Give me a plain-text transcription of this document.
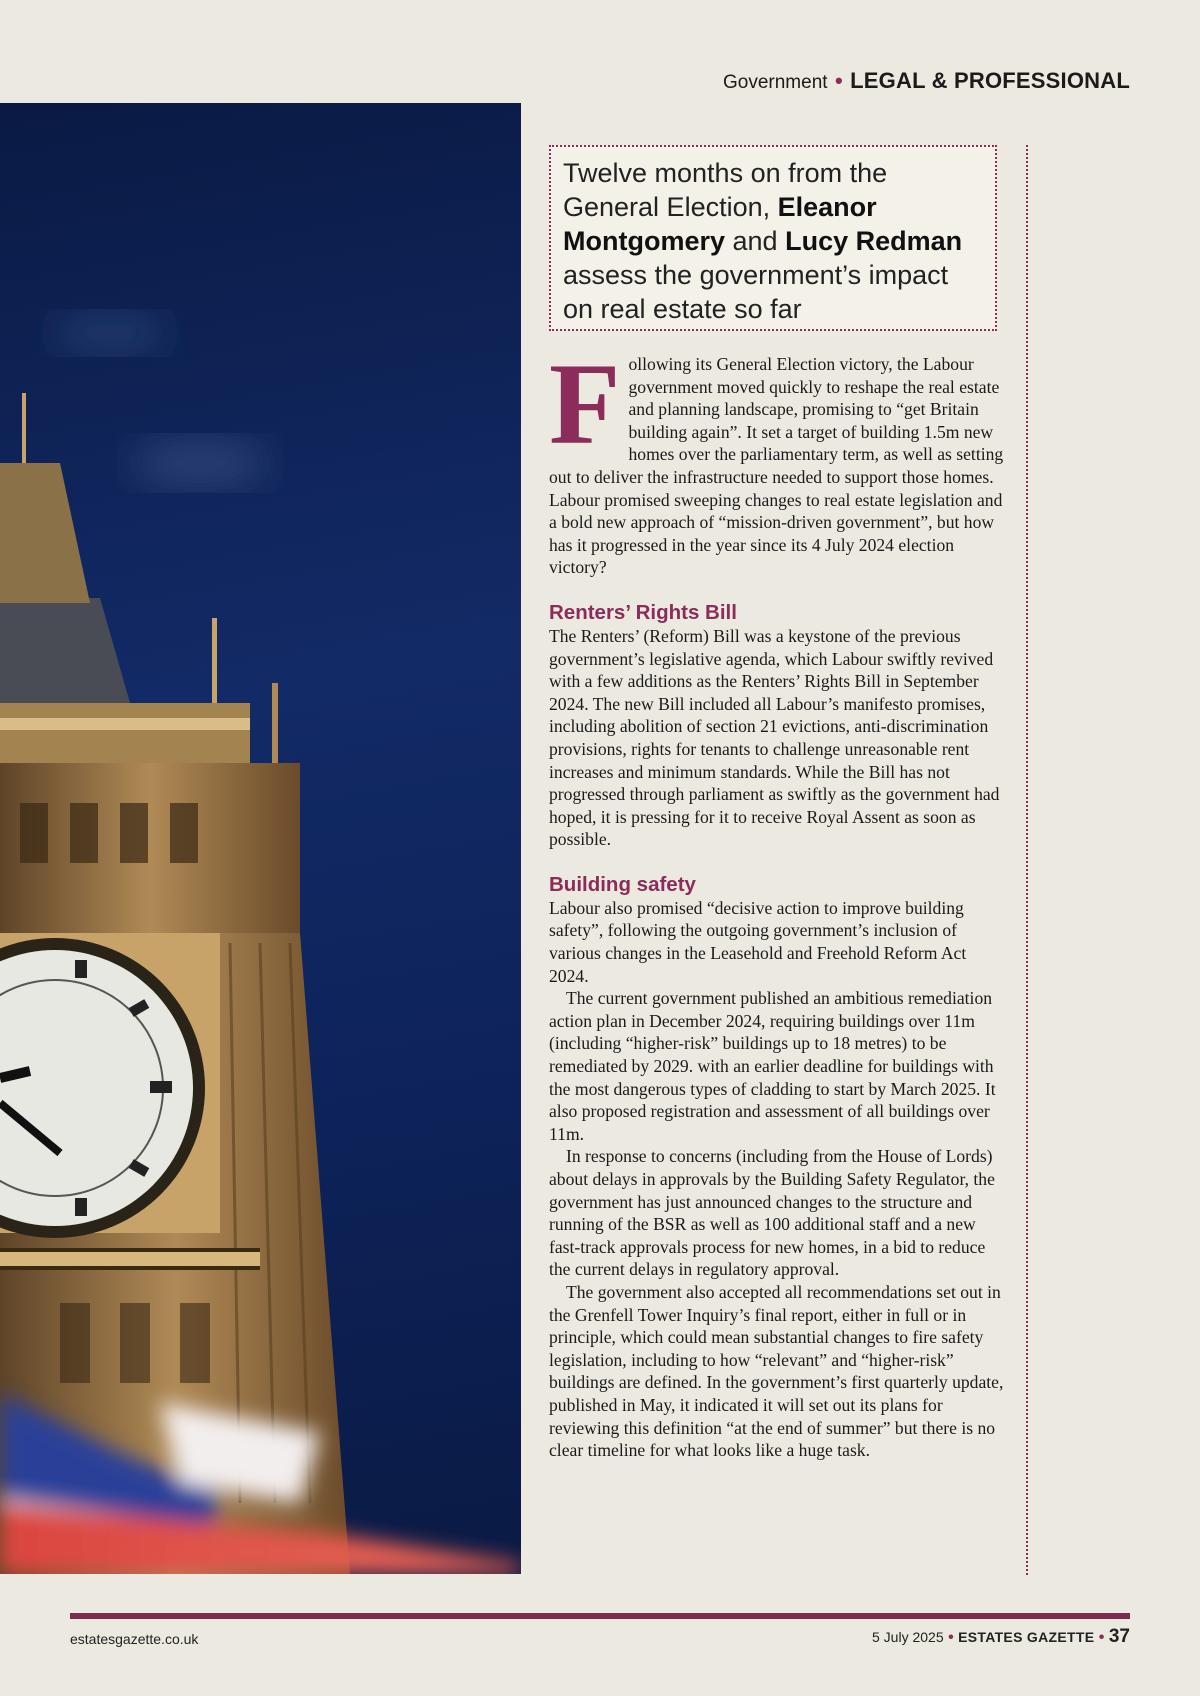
Government • LEGAL & PROFESSIONAL
Twelve months on from the General Election, Eleanor Montgomery and Lucy Redman assess the government’s impact on real estate so far

Following its General Election victory, the Labour government moved quickly to reshape the real estate and planning landscape, promising to “get Britain building again”. It set a target of building 1.5m new homes over the parliamentary term, as well as setting out to deliver the infrastructure needed to support those homes. Labour promised sweeping changes to real estate legislation and a bold new approach of “mission-driven government”, but how has it progressed in the year since its 4 July 2024 election victory?

Renters’ Rights Bill

The Renters’ (Reform) Bill was a keystone of the previous government’s legislative agenda, which Labour swiftly revived with a few additions as the Renters’ Rights Bill in September 2024. The new Bill included all Labour’s manifesto promises, including abolition of section 21 evictions, anti-discrimination provisions, rights for tenants to challenge unreasonable rent increases and minimum standards. While the Bill has not progressed through parliament as swiftly as the government had hoped, it is pressing for it to receive Royal Assent as soon as possible.

Building safety

Labour also promised “decisive action to improve building safety”, following the outgoing government’s inclusion of various changes in the Leasehold and Freehold Reform Act 2024.

The current government published an ambitious remediation action plan in December 2024, requiring buildings over 11m (including “higher-risk” buildings up to 18 metres) to be remediated by 2029. with an earlier deadline for buildings with the most dangerous types of cladding to start by March 2025. It also proposed registration and assessment of all buildings over 11m.

In response to concerns (including from the House of Lords) about delays in approvals by the Building Safety Regulator, the government has just announced changes to the structure and running of the BSR as well as 100 additional staff and a new fast-track approvals process for new homes, in a bid to reduce the current delays in regulatory approval.

The government also accepted all recommendations set out in the Grenfell Tower Inquiry’s final report, either in full or in principle, which could mean substantial changes to fire safety legislation, including to how “relevant” and “higher-risk” buildings are defined. In the government’s first quarterly update, published in May, it indicated it will set out its plans for reviewing this definition “at the end of summer” but there is no clear timeline for what looks like a huge task.

estatesgazette.co.uk	5 July 2025 • ESTATES GAZETTE • 37
